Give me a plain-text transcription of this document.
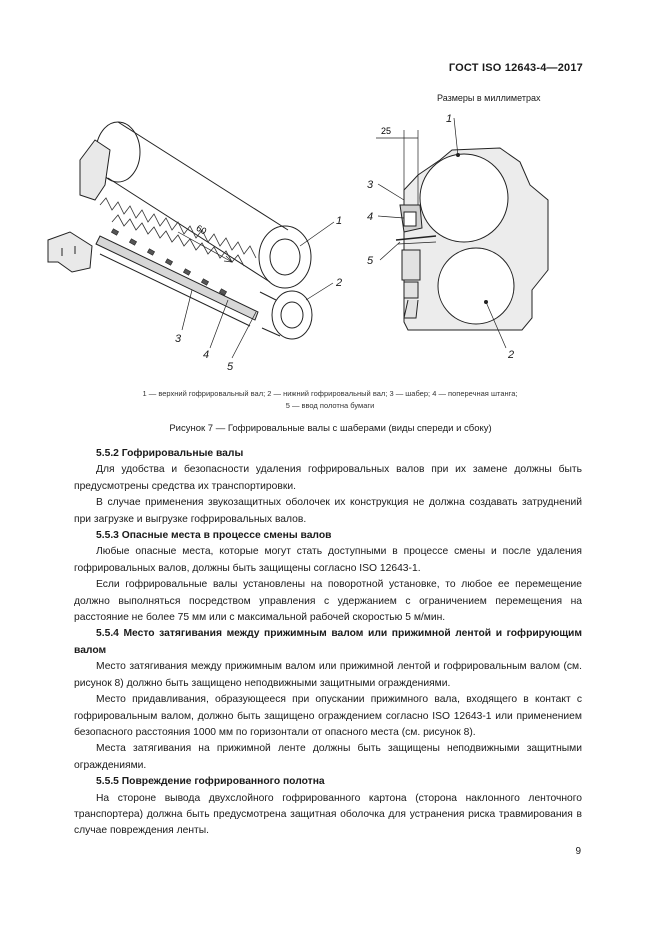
ГОСТ ISO 12643-4—2017
Размеры в миллиметрах
60
1
2
3
4
5
25
1
2
3
4
5
1 — верхний гофрировальный вал; 2 — нижний гофрировальный вал; 3 — шабер; 4 — поперечная штанга;
5 — ввод полотна бумаги
Рисунок 7 — Гофрировальные валы с шаберами (виды спереди и сбоку)

5.5.2 Гофрировальные валы

Для удобства и безопасности удаления гофрировальных валов при их замене должны быть предусмотрены средства их транспортировки.

В случае применения звукозащитных оболочек их конструкция не должна создавать затруднений при загрузке и выгрузке гофрировальных валов.

5.5.3 Опасные места в процессе смены валов

Любые опасные места, которые могут стать доступными в процессе смены и после удаления гофрировальных валов, должны быть защищены согласно ISO 12643-1.

Если гофрировальные валы установлены на поворотной установке, то любое ее перемещение должно выполняться посредством управления с удержанием с ограничением перемещения на расстояние не более 75 мм или с максимальной рабочей скоростью 5 м/мин.

5.5.4 Место затягивания между прижимным валом или прижимной лентой и гофрирующим валом

Место затягивания между прижимным валом или прижимной лентой и гофрировальным валом (см. рисунок 8) должно быть защищено неподвижными защитными ограждениями.

Место придавливания, образующееся при опускании прижимного вала, входящего в контакт с гофрировальным валом, должно быть защищено ограждением согласно ISO 12643-1 или применением безопасного расстояния 1000 мм по горизонтали от опасного места (см. рисунок 8).

Места затягивания на прижимной ленте должны быть защищены неподвижными защитными ограждениями.

5.5.5 Повреждение гофрированного полотна

На стороне вывода двухслойного гофрированного картона (сторона наклонного ленточного транспортера) должна быть предусмотрена защитная оболочка для устранения риска травмирования в случае повреждения ленты.

9
